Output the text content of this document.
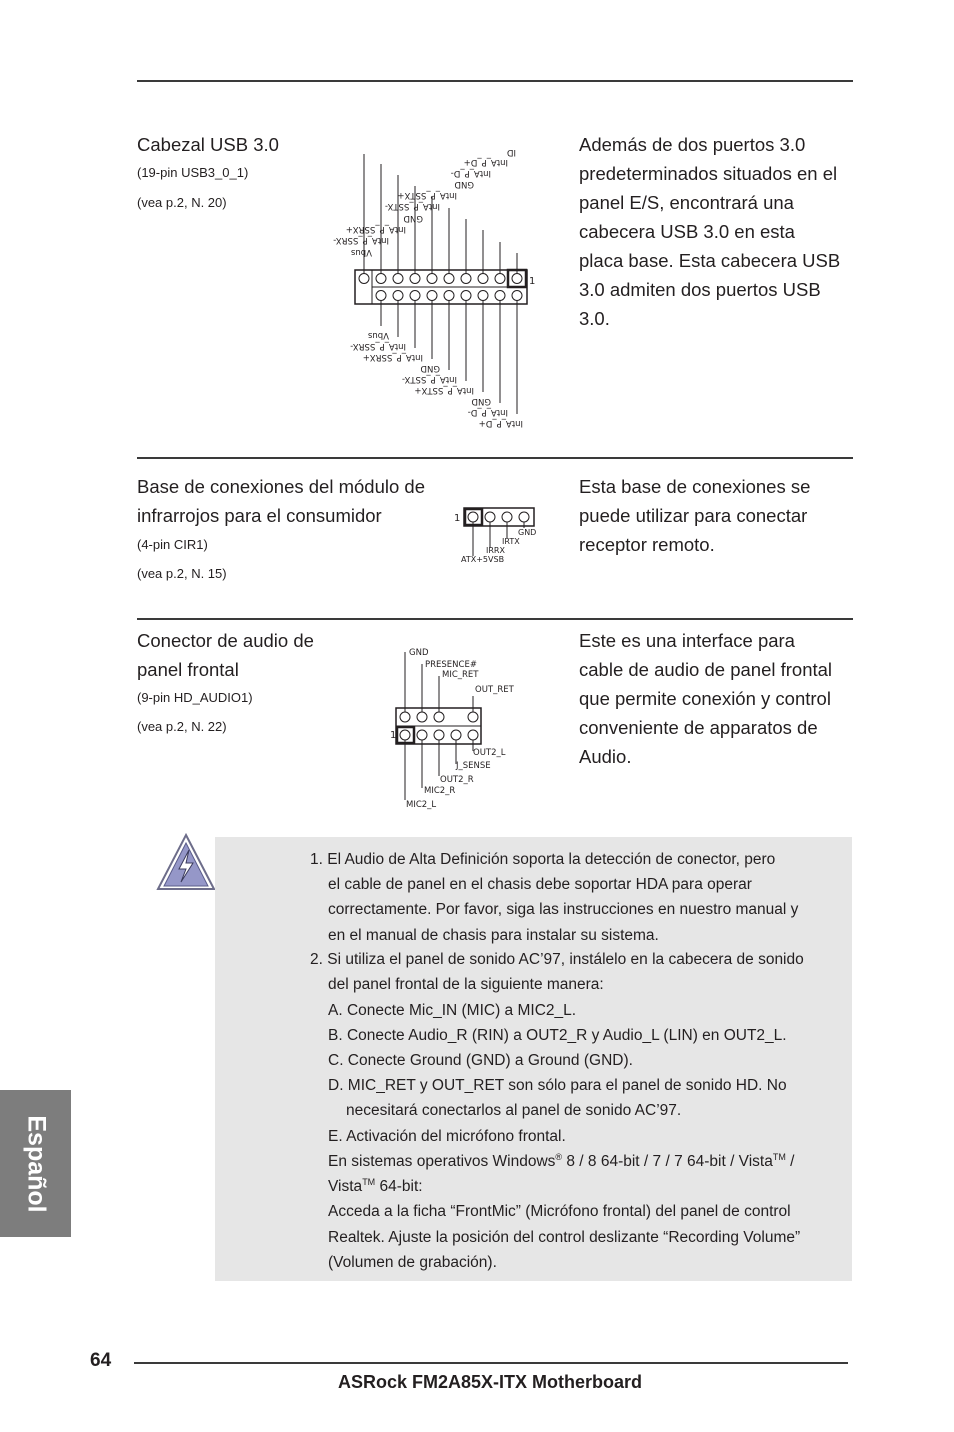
Cabezal USB 3.0
(19-pin USB3_0_1)
(vea p.2, N. 20)
Además de dos puertos 3.0
predeterminados situados en el
panel E/S, encontrará una
cabecera USB 3.0 en esta
placa base. Esta cabecera USB
3.0 admiten dos puertos USB
3.0.
ID
IntA_P_D+
IntA_P_D-
GND
IntA_P_SSTX+
IntA_P_SSTX-
GND
IntA_P_SSRX+
IntA_P_SSRX-
Vbus
1
Vbus
IntA_P_SSRX-
IntA_P_SSRX+
GND
IntA_P_SSTX-
IntA_P_SSTX+
GND
IntA_P_D-
IntA_P_D+
Base de conexiones del módulo de
infrarrojos para el consumidor
(4-pin CIR1)
(vea p.2, N. 15)
Esta base de conexiones se
puede utilizar para conectar
receptor remoto.
1
GND
IRTX
IRRX
ATX+5VSB
Conector de audio de
panel frontal
(9-pin HD_AUDIO1)
(vea p.2, N. 22)
Este es una interface para
cable de audio de panel frontal
que permite conexión y control
conveniente de apparatos de
Audio.
1
GND
PRESENCE#
MIC_RET
OUT_RET
OUT2_L
J_SENSE
OUT2_R
MIC2_R
MIC2_L
1. El Audio de Alta Definición soporta la detección de conector, pero
el cable de panel en el chasis debe soportar HDA para operar
correctamente. Por favor, siga las instrucciones en nuestro manual y
en el manual de chasis para instalar su sistema.
2. Si utiliza el panel de sonido AC’97, instálelo en la cabecera de sonido
del panel frontal de la siguiente manera:
A. Conecte Mic_IN (MIC) a MIC2_L.
B. Conecte Audio_R (RIN) a OUT2_R y Audio_L (LIN) en OUT2_L.
C. Conecte Ground (GND) a Ground (GND).
D. MIC_RET y OUT_RET son sólo para el panel de sonido HD. No
necesitará conectarlos al panel de sonido AC’97.
E. Activación del micrófono frontal.
En sistemas operativos Windows® 8 / 8 64-bit / 7 / 7 64-bit / Vista™ /
Vista™ 64-bit:
Acceda a la ficha “FrontMic” (Micrófono frontal) del panel de control
Realtek. Ajuste la posición del control deslizante “Recording Volume”
(Volumen de grabación).
Español
64
ASRock FM2A85X-ITX Motherboard
